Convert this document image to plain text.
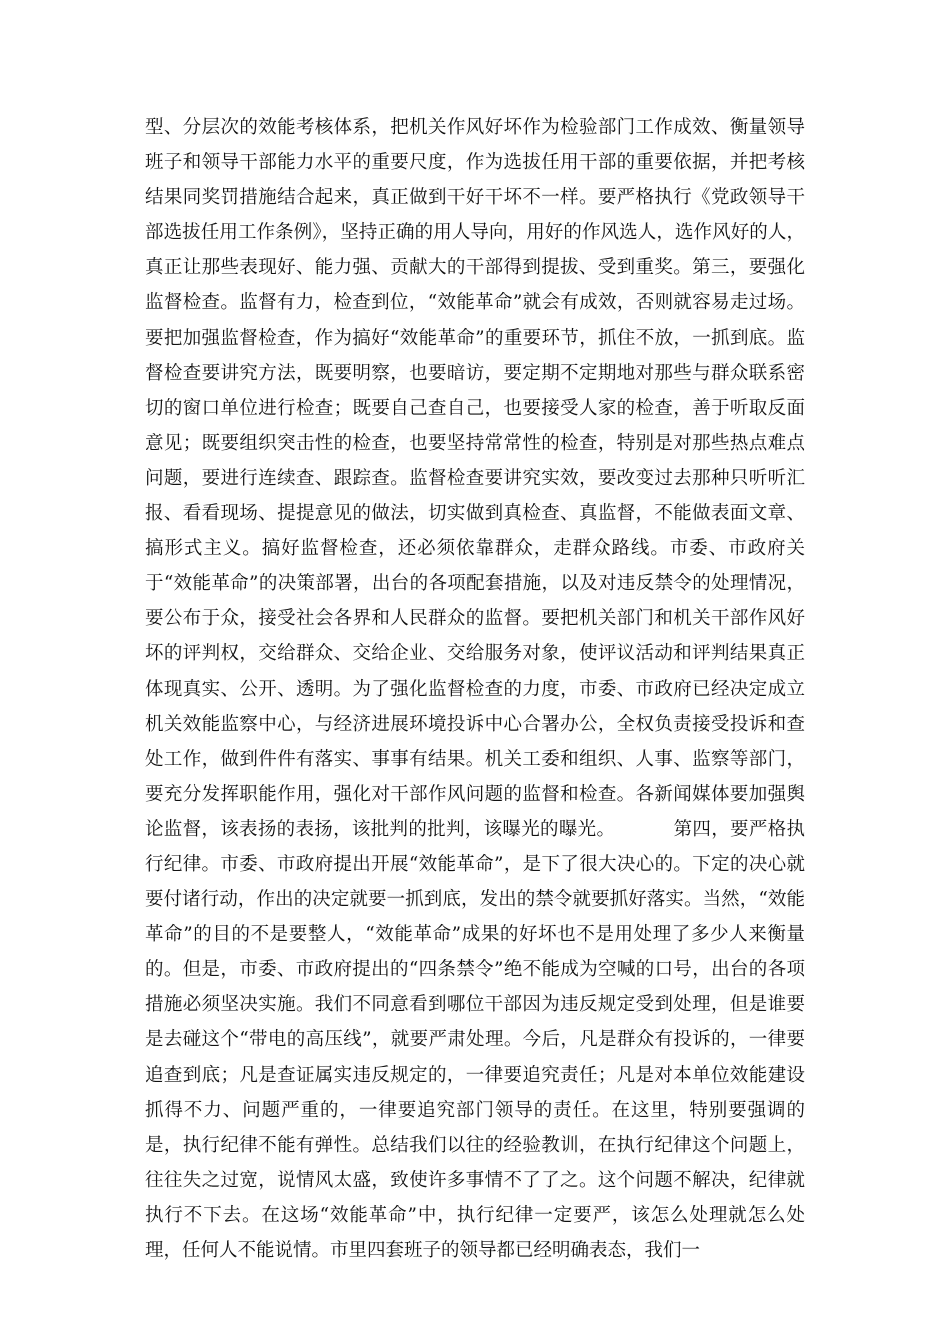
型、分层次的效能考核体系，把机关作风好坏作为检验部门工作成效、衡量领导班子和领导干部能力水平的重要尺度，作为选拔任用干部的重要依据，并把考核结果同奖罚措施结合起来，真正做到干好干坏不一样。要严格执行《党政领导干部选拔任用工作条例》，坚持正确的用人导向，用好的作风选人，选作风好的人，真正让那些表现好、能力强、贡献大的干部得到提拔、受到重奖。第三，要强化监督检查。监督有力，检查到位，“效能革命”就会有成效，否则就容易走过场。要把加强监督检查，作为搞好“效能革命”的重要环节，抓住不放，一抓到底。监督检查要讲究方法，既要明察，也要暗访，要定期不定期地对那些与群众联系密切的窗口单位进行检查；既要自己查自己，也要接受人家的检查，善于听取反面意见；既要组织突击性的检查，也要坚持常常性的检查，特别是对那些热点难点问题，要进行连续查、跟踪查。监督检查要讲究实效，要改变过去那种只听听汇报、看看现场、提提意见的做法，切实做到真检查、真监督，不能做表面文章、搞形式主义。搞好监督检查，还必须依靠群众，走群众路线。市委、市政府关于“效能革命”的决策部署，出台的各项配套措施，以及对违反禁令的处理情况，要公布于众，接受社会各界和人民群众的监督。要把机关部门和机关干部作风好坏的评判权，交给群众、交给企业、交给服务对象，使评议活动和评判结果真正体现真实、公开、透明。为了强化监督检查的力度，市委、市政府已经决定成立机关效能监察中心，与经济进展环境投诉中心合署办公，全权负责接受投诉和查处工作，做到件件有落实、事事有结果。机关工委和组织、人事、监察等部门，要充分发挥职能作用，强化对干部作风问题的监督和检查。各新闻媒体要加强舆论监督，该表扬的表扬，该批判的批判，该曝光的曝光。	第四，要严格执行纪律。市委、市政府提出开展“效能革命”，是下了很大决心的。下定的决心就要付诸行动，作出的决定就要一抓到底，发出的禁令就要抓好落实。当然，“效能革命”的目的不是要整人，“效能革命”成果的好坏也不是用处理了多少人来衡量的。但是，市委、市政府提出的“四条禁令”绝不能成为空喊的口号，出台的各项措施必须坚决实施。我们不同意看到哪位干部因为违反规定受到处理，但是谁要是去碰这个“带电的高压线”，就要严肃处理。今后，凡是群众有投诉的，一律要追查到底；凡是查证属实违反规定的，一律要追究责任；凡是对本单位效能建设抓得不力、问题严重的，一律要追究部门领导的责任。在这里，特别要强调的是，执行纪律不能有弹性。总结我们以往的经验教训，在执行纪律这个问题上，往往失之过宽，说情风太盛，致使许多事情不了了之。这个问题不解决，纪律就执行不下去。在这场“效能革命”中，执行纪律一定要严，该怎么处理就怎么处理，任何人不能说情。市里四套班子的领导都已经明确表态，我们一
